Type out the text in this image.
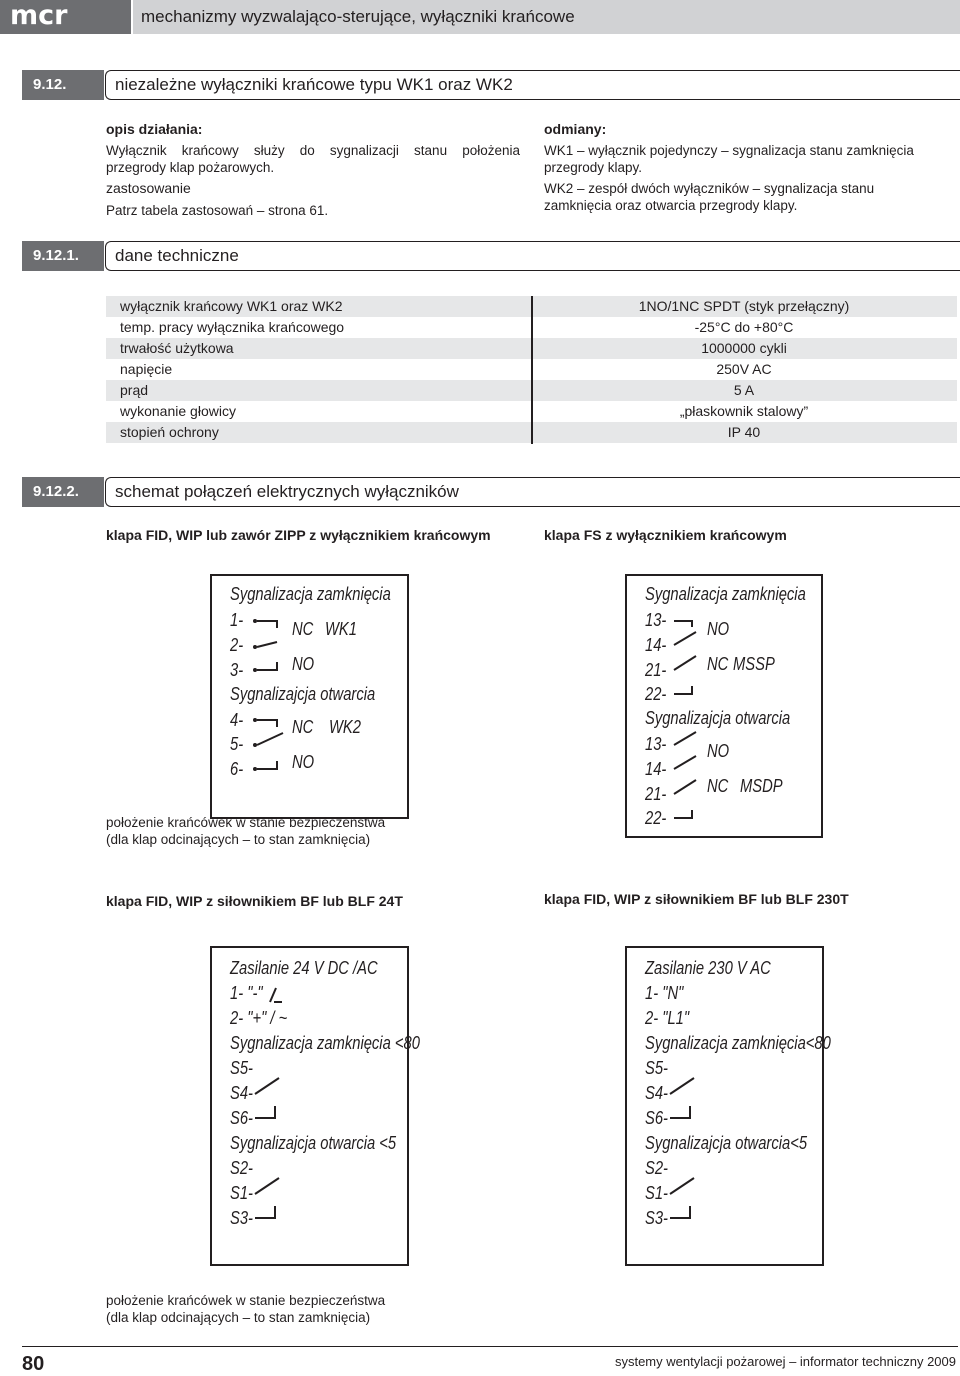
mcr	mechanizmy wyzwalająco-sterujące, wyłączniki krańcowe
9.12.	niezależne wyłączniki krańcowe typu WK1 oraz WK2
opis działania:
Wyłącznik krańcowy służy do sygnalizacji stanu położenia
przegrody klap pożarowych.
zastosowanie
Patrz tabela zastosowań – strona 61.
odmiany:
WK1 – wyłącznik pojedynczy – sygnalizacja stanu zamknięcia
przegrody klapy.
WK2 – zespół dwóch wyłączników – sygnalizacja stanu
zamknięcia oraz otwarcia przegrody klapy.
9.12.1.	dane techniczne
wyłącznik krańcowy WK1 oraz WK2	1NO/1NC SPDT (styk przełączny)
temp. pracy wyłącznika krańcowego	-25°C do +80°C
trwałość użytkowa	1000000 cykli
napięcie	250V AC
prąd	5 A
wykonanie głowicy	„płaskownik stalowy”
stopień ochrony	IP 40
9.12.2.	schemat połączeń elektrycznych wyłączników
klapa FID, WIP lub zawór ZIPP z wyłącznikiem krańcowym	klapa FS z wyłącznikiem krańcowym
Sygnalizacja zamknięcia
1-
2-
3-
NC WK1
NO
Sygnalizajcja otwarcia
4-
5-
6-
NC WK2
NO
położenie krańcówek w stanie bezpieczeństwa
(dla klap odcinających – to stan zamknięcia)
Sygnalizacja zamknięcia
13-
14-
21-
22-
NO
NC MSSP
Sygnalizajcja otwarcia
13-
14-
21-
22-
NO
NC MSDP
klapa FID, WIP z siłownikiem BF lub BLF 24T	klapa FID, WIP z siłownikiem BF lub BLF 230T
Zasilanie 24 V DC /AC
1- "-"
2- "+" / ~
Sygnalizacja zamknięcia <80
S5-
S4-
S6-
Sygnalizajcja otwarcia <5
S2-
S1-
S3-
Zasilanie 230 V AC
1- "N"
2- "L1"
Sygnalizacja zamknięcia<80
S5-
S4-
S6-
Sygnalizajcja otwarcia<5
S2-
S1-
S3-
położenie krańcówek w stanie bezpieczeństwa
(dla klap odcinających – to stan zamknięcia)
80	systemy wentylacji pożarowej – informator techniczny 2009
